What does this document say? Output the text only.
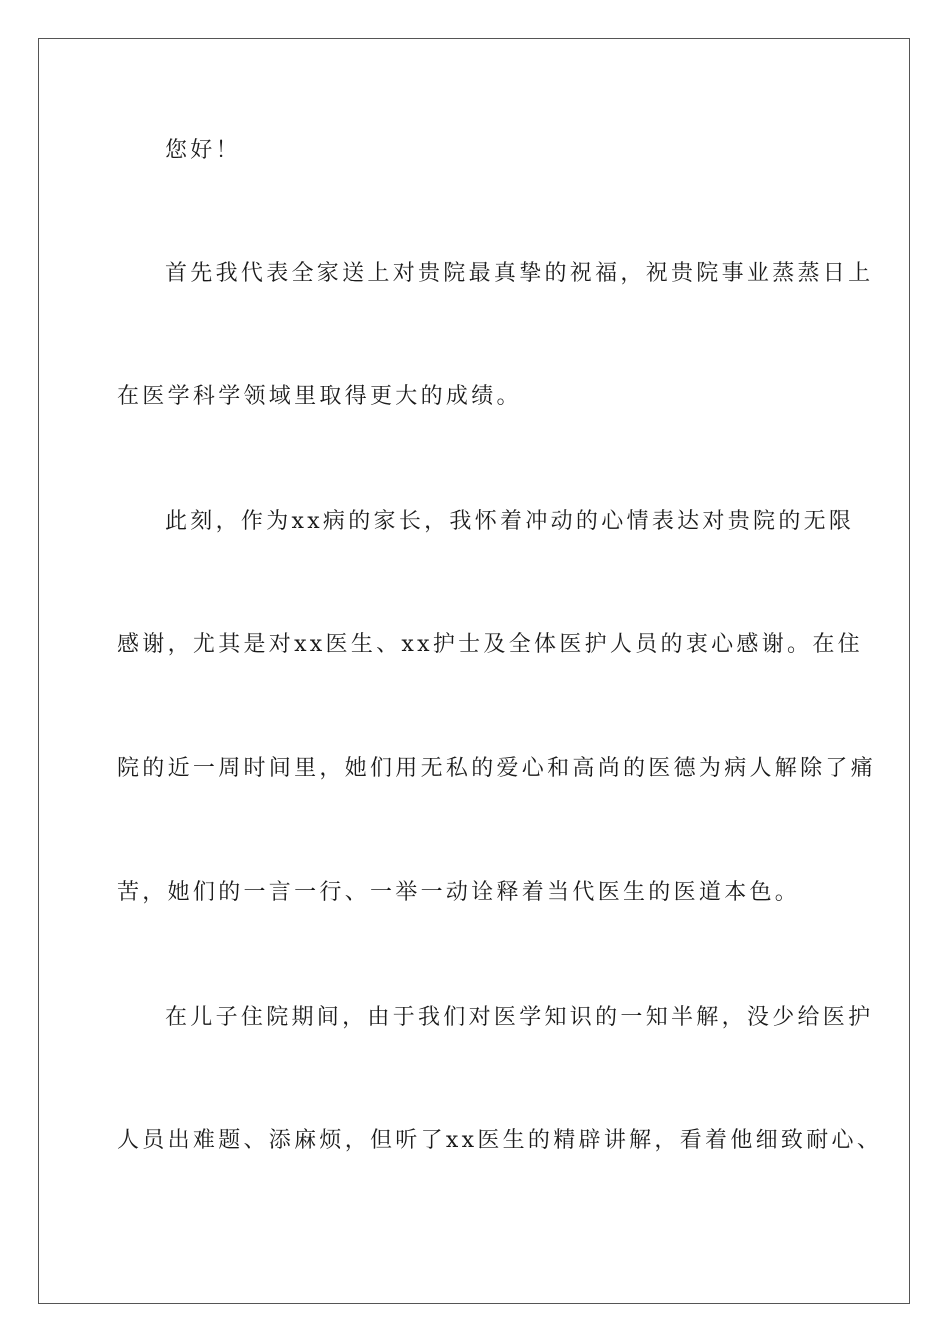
您好！
首先我代表全家送上对贵院最真挚的祝福，祝贵院事业蒸蒸日上
在医学科学领域里取得更大的成绩。
此刻，作为xx病的家长，我怀着冲动的心情表达对贵院的无限
感谢，尤其是对xx医生、xx护士及全体医护人员的衷心感谢。在住
院的近一周时间里，她们用无私的爱心和高尚的医德为病人解除了痛
苦，她们的一言一行、一举一动诠释着当代医生的医道本色。
在儿子住院期间，由于我们对医学知识的一知半解，没少给医护
人员出难题、添麻烦，但听了xx医生的精辟讲解，看着他细致耐心、
